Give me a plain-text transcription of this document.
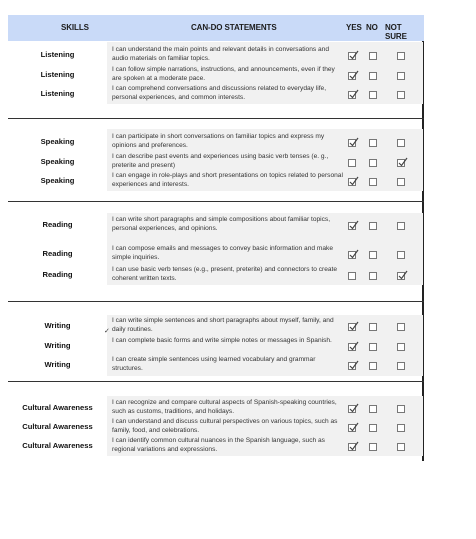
SKILLS	CAN-DO STATEMENTS	YES NO NOT SURE
Listening
I can understand the main points and relevant details in conversations and audio materials on familiar topics.
Listening
I can follow simple narrations, instructions, and announcements, even if they are spoken at a moderate pace.
Listening
I can comprehend conversations and discussions related to everyday life, personal experiences, and common interests.
Speaking
I can participate in short conversations on familiar topics and express my opinions and preferences.
Speaking
I can describe past events and experiences using basic verb tenses (e. g., preterite and present)
Speaking
I can engage in role-plays and short presentations on topics related to personal experiences and interests.
Reading
I can write short paragraphs and simple compositions about familiar topics, personal experiences, and opinions.
Reading
I can compose emails and messages to convey basic information and make simple inquiries.
Reading
I can use basic verb tenses (e.g., present, preterite) and connectors to create coherent written texts.
Writing
I can write simple sentences and short paragraphs about myself, family, and daily routines.
Writing
I can complete basic forms and write simple notes or messages in Spanish.
Writing
I can create simple sentences using learned vocabulary and grammar structures.
Cultural Awareness
I can recognize and compare cultural aspects of Spanish-speaking countries, such as customs, traditions, and holidays.
Cultural Awareness
I can understand and discuss cultural perspectives on various topics, such as family, food, and celebrations.
Cultural Awareness
I can identify common cultural nuances in the Spanish language, such as regional variations and expressions.
✓
